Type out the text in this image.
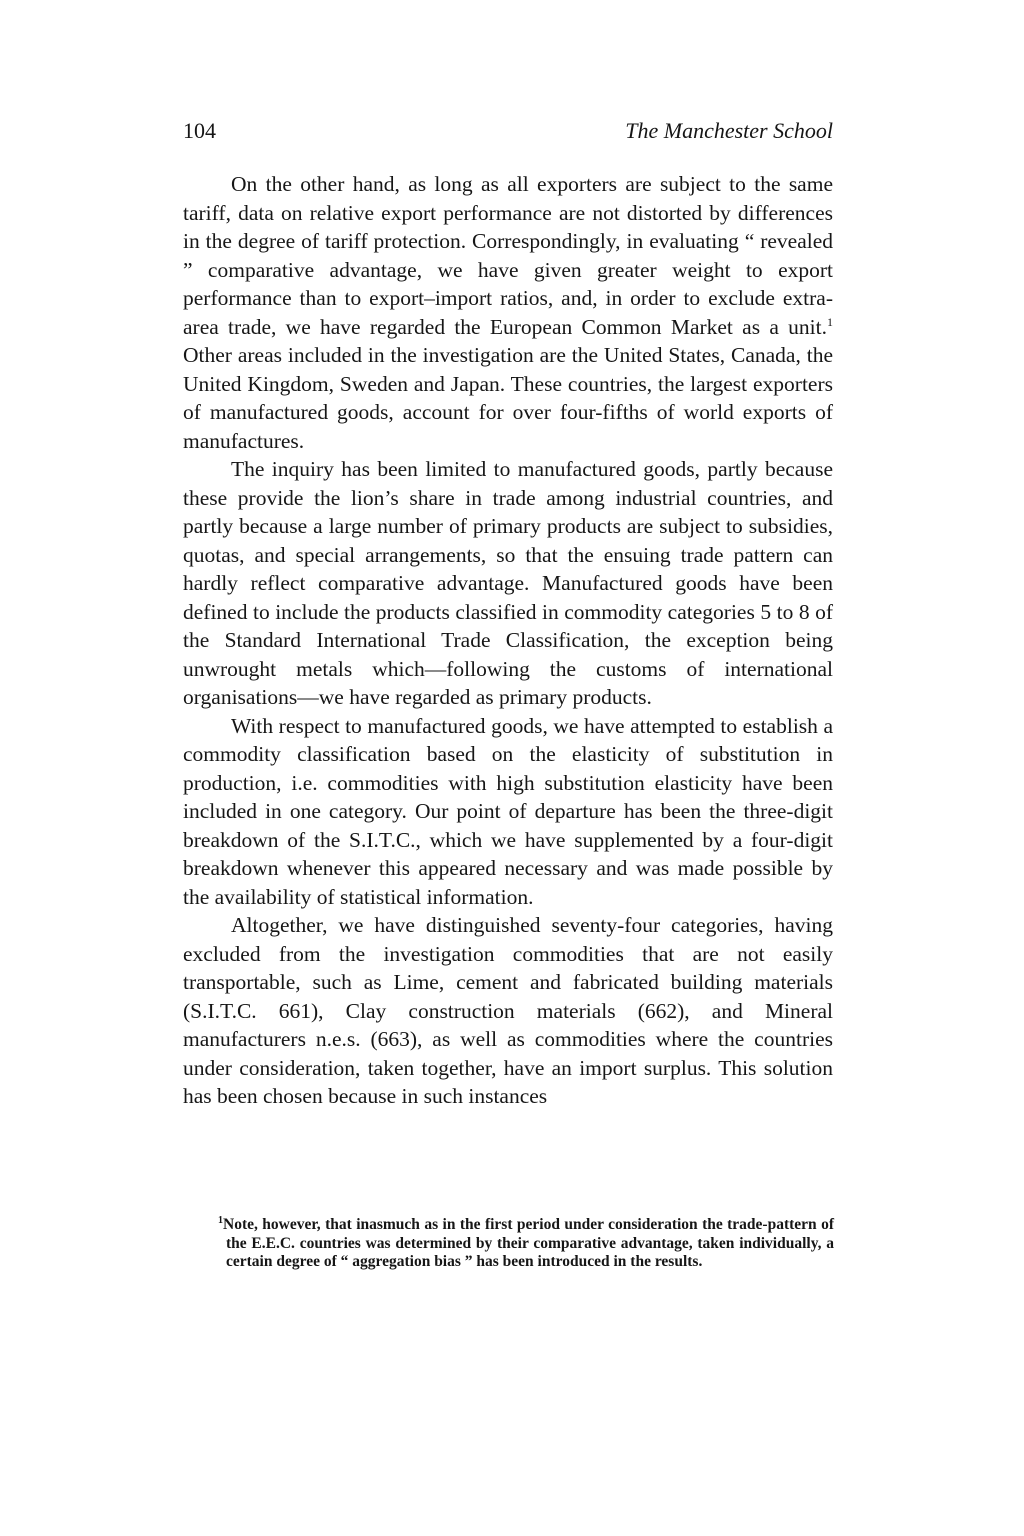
104	The Manchester School

On the other hand, as long as all exporters are subject to the same tariff, data on relative export performance are not distorted by differences in the degree of tariff protection. Correspondingly, in evaluating “ revealed ” comparative advantage, we have given greater weight to export performance than to export–import ratios, and, in order to exclude extra-area trade, we have regarded the European Common Market as a unit.$^1$ Other areas included in the investigation are the United States, Canada, the United Kingdom, Sweden and Japan. These countries, the largest exporters of manufactured goods, account for over four-fifths of world exports of manufactures.

The inquiry has been limited to manufactured goods, partly because these provide the lion’s share in trade among industrial countries, and partly because a large number of primary products are subject to subsidies, quotas, and special arrangements, so that the ensuing trade pattern can hardly reflect comparative advantage. Manufactured goods have been defined to include the products classified in commodity categories 5 to 8 of the Standard International Trade Classification, the exception being unwrought metals which—following the customs of international organisations—we have regarded as primary products.

With respect to manufactured goods, we have attempted to establish a commodity classification based on the elasticity of substitution in production, i.e. commodities with high substitution elasticity have been included in one category. Our point of departure has been the three-digit breakdown of the S.I.T.C., which we have supplemented by a four-digit breakdown whenever this appeared necessary and was made possible by the availability of statistical information.

Altogether, we have distinguished seventy-four categories, having excluded from the investigation commodities that are not easily transportable, such as Lime, cement and fabricated building materials (S.I.T.C. 661), Clay construction materials (662), and Mineral manufacturers n.e.s. (663), as well as commodities where the countries under consideration, taken together, have an import surplus. This solution has been chosen because in such instances

$^1$Note, however, that inasmuch as in the first period under consideration the trade-pattern of the E.E.C. countries was determined by their comparative advantage, taken individually, a certain degree of “ aggregation bias ” has been introduced in the results.
